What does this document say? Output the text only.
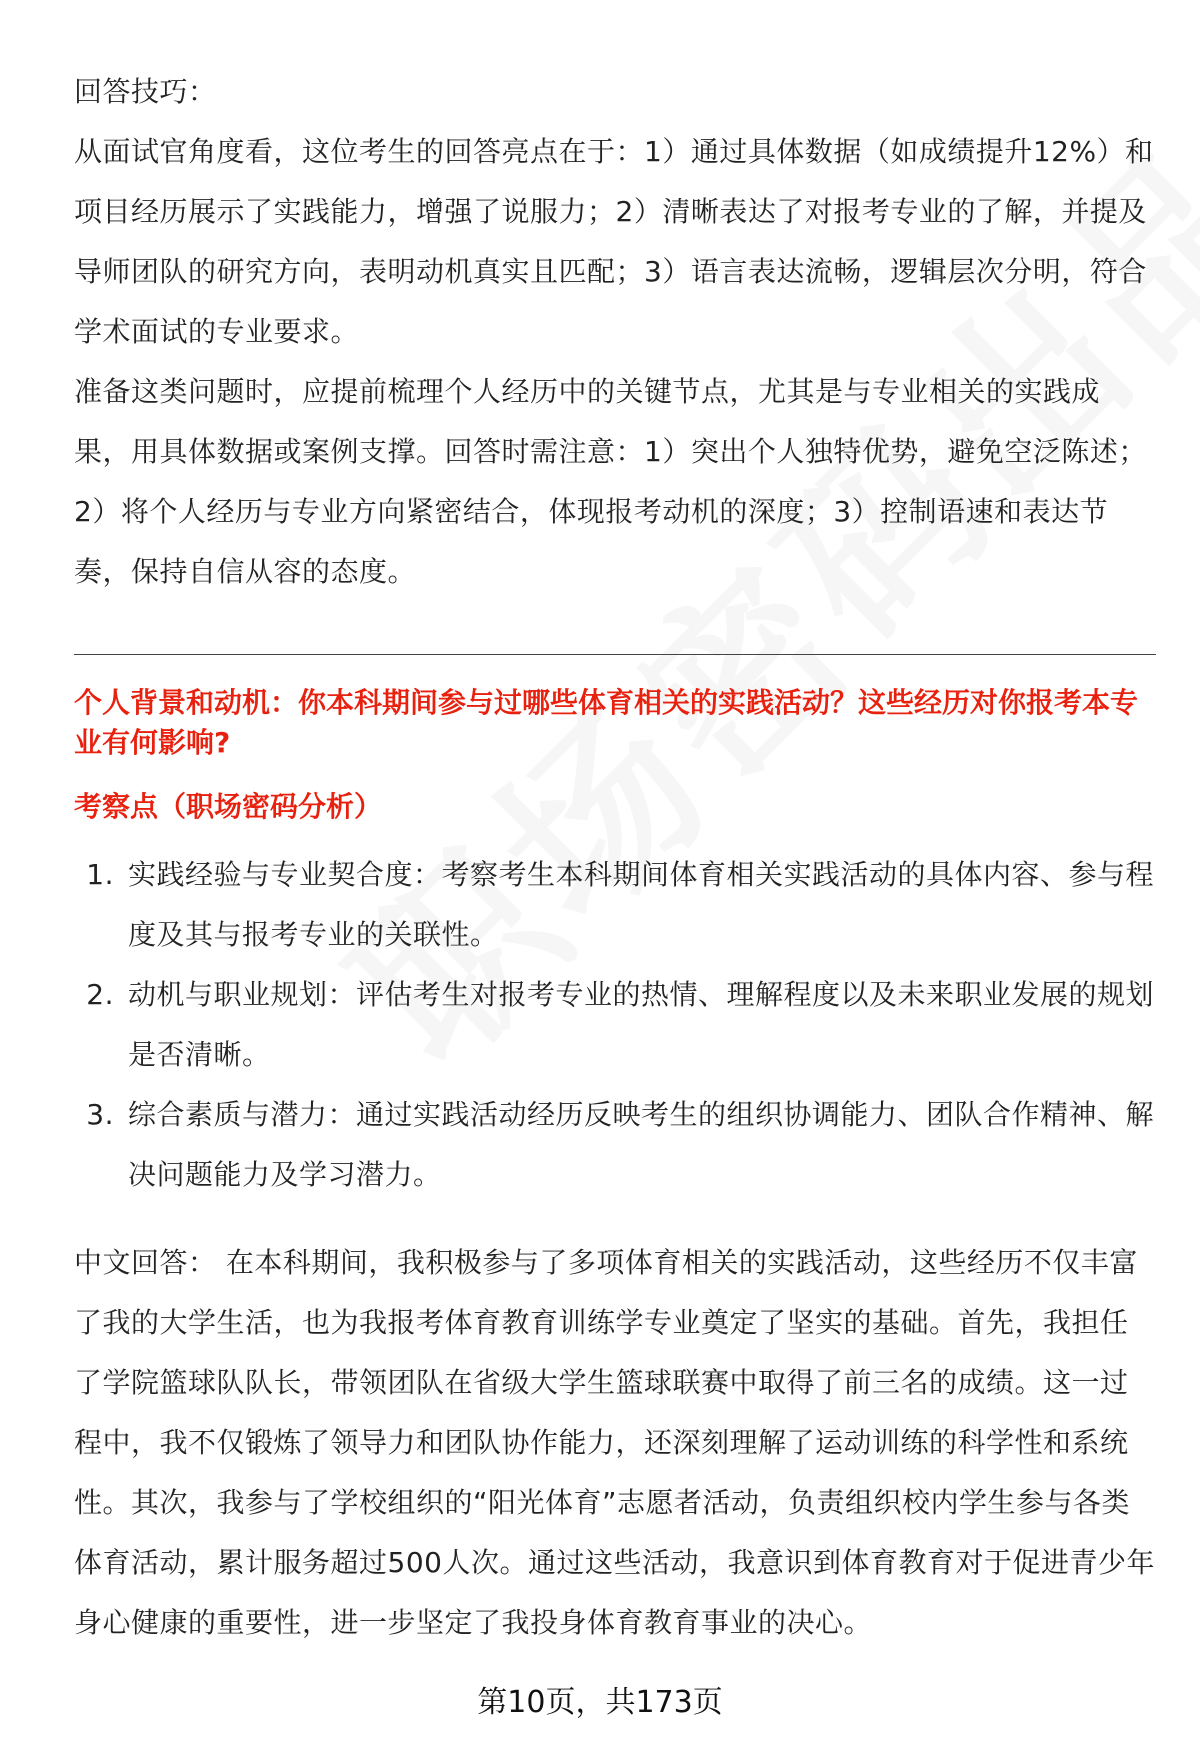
回答技巧：

从面试官角度看，这位考生的回答亮点在于：1）通过具体数据（如成绩提升12%）和项目经历展示了实践能力，增强了说服力；2）清晰表达了对报考专业的了解，并提及导师团队的研究方向，表明动机真实且匹配；3）语言表达流畅，逻辑层次分明，符合学术面试的专业要求。

准备这类问题时，应提前梳理个人经历中的关键节点，尤其是与专业相关的实践成果，用具体数据或案例支撑。回答时需注意：1）突出个人独特优势，避免空泛陈述；2）将个人经历与专业方向紧密结合，体现报考动机的深度；3）控制语速和表达节奏，保持自信从容的态度。

个人背景和动机：你本科期间参与过哪些体育相关的实践活动？这些经历对你报考本专业有何影响?

考察点（职场密码分析）

1. 实践经验与专业契合度：考察考生本科期间体育相关实践活动的具体内容、参与程度及其与报考专业的关联性。
2. 动机与职业规划：评估考生对报考专业的热情、理解程度以及未来职业发展的规划是否清晰。
3. 综合素质与潜力：通过实践活动经历反映考生的组织协调能力、团队合作精神、解决问题能力及学习潜力。

中文回答： 在本科期间，我积极参与了多项体育相关的实践活动，这些经历不仅丰富了我的大学生活，也为我报考体育教育训练学专业奠定了坚实的基础。首先，我担任了学院篮球队队长，带领团队在省级大学生篮球联赛中取得了前三名的成绩。这一过程中，我不仅锻炼了领导力和团队协作能力，还深刻理解了运动训练的科学性和系统性。其次，我参与了学校组织的“阳光体育”志愿者活动，负责组织校内学生参与各类体育活动，累计服务超过500人次。通过这些活动，我意识到体育教育对于促进青少年身心健康的重要性，进一步坚定了我投身体育教育事业的决心。

第10页，共173页
